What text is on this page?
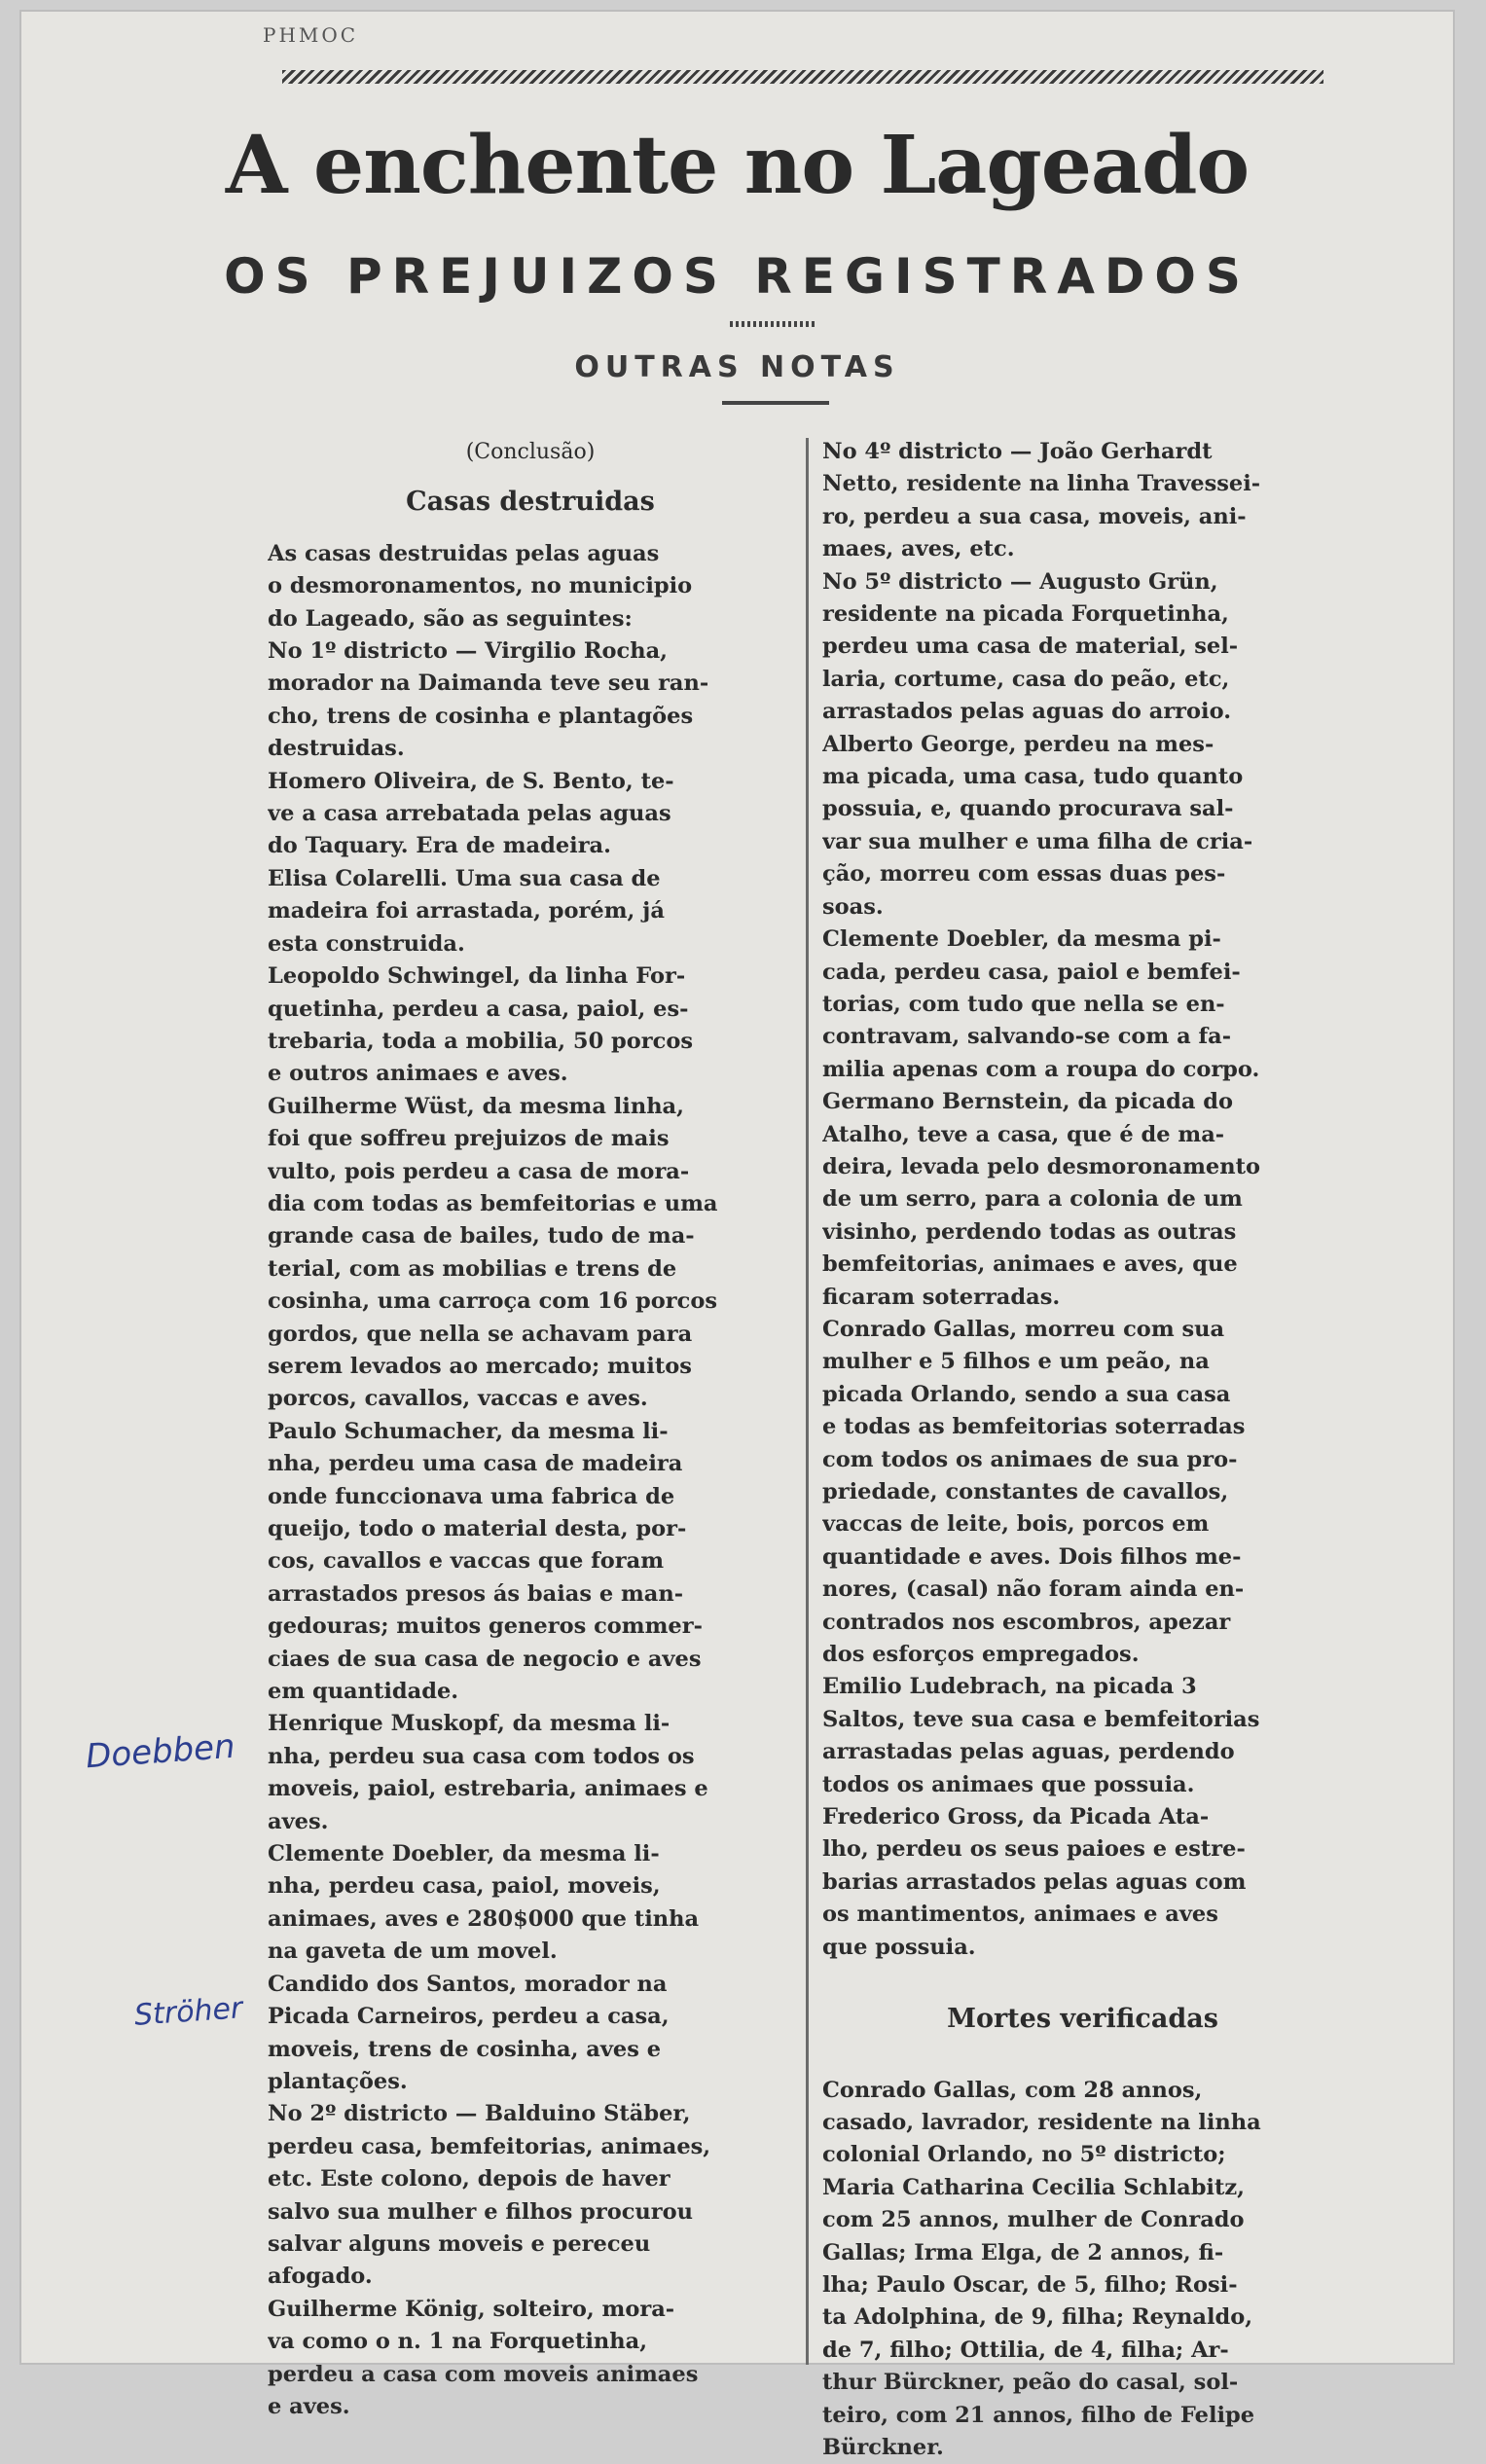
PHMOC
A enchente no Lageado
OS PREJUIZOS REGISTRADOS
OUTRAS NOTAS
(Conclusão)
Casas destruidas
As casas destruidas pelas aguas
o desmoronamentos, no municipio
do Lageado, são as seguintes:
No 1º districto — Virgilio Rocha,
morador na Daimanda teve seu ran-
cho, trens de cosinha e plantagões
destruidas.
Homero Oliveira, de S. Bento, te-
ve a casa arrebatada pelas aguas
do Taquary. Era de madeira.
Elisa Colarelli. Uma sua casa de
madeira foi arrastada, porém, já
esta construida.
Leopoldo Schwingel, da linha For-
quetinha, perdeu a casa, paiol, es-
trebaria, toda a mobilia, 50 porcos
e outros animaes e aves.
Guilherme Wüst, da mesma linha,
foi que soffreu prejuizos de mais
vulto, pois perdeu a casa de mora-
dia com todas as bemfeitorias e uma
grande casa de bailes, tudo de ma-
terial, com as mobilias e trens de
cosinha, uma carroça com 16 porcos
gordos, que nella se achavam para
serem levados ao mercado; muitos
porcos, cavallos, vaccas e aves.
Paulo Schumacher, da mesma li-
nha, perdeu uma casa de madeira
onde funccionava uma fabrica de
queijo, todo o material desta, por-
cos, cavallos e vaccas que foram
arrastados presos ás baias e man-
gedouras; muitos generos commer-
ciaes de sua casa de negocio e aves
em quantidade.
Henrique Muskopf, da mesma li-
nha, perdeu sua casa com todos os
moveis, paiol, estrebaria, animaes e
aves.
Clemente Doebler, da mesma li-
nha, perdeu casa, paiol, moveis,
animaes, aves e 280$000 que tinha
na gaveta de um movel.
Candido dos Santos, morador na
Picada Carneiros, perdeu a casa,
moveis, trens de cosinha, aves e
plantações.
No 2º districto — Balduino Stäber,
perdeu casa, bemfeitorias, animaes,
etc. Este colono, depois de haver
salvo sua mulher e filhos procurou
salvar alguns moveis e pereceu
afogado.
Guilherme König, solteiro, mora-
va como o n. 1 na Forquetinha,
perdeu a casa com moveis animaes
e aves.
No 4º districto — João Gerhardt
Netto, residente na linha Travessei-
ro, perdeu a sua casa, moveis, ani-
maes, aves, etc.
No 5º districto — Augusto Grün,
residente na picada Forquetinha,
perdeu uma casa de material, sel-
laria, cortume, casa do peão, etc,
arrastados pelas aguas do arroio.
Alberto George, perdeu na mes-
ma picada, uma casa, tudo quanto
possuia, e, quando procurava sal-
var sua mulher e uma filha de cria-
ção, morreu com essas duas pes-
soas.
Clemente Doebler, da mesma pi-
cada, perdeu casa, paiol e bemfei-
torias, com tudo que nella se en-
contravam, salvando-se com a fa-
milia apenas com a roupa do corpo.
Germano Bernstein, da picada do
Atalho, teve a casa, que é de ma-
deira, levada pelo desmoronamento
de um serro, para a colonia de um
visinho, perdendo todas as outras
bemfeitorias, animaes e aves, que
ficaram soterradas.
Conrado Gallas, morreu com sua
mulher e 5 filhos e um peão, na
picada Orlando, sendo a sua casa
e todas as bemfeitorias soterradas
com todos os animaes de sua pro-
priedade, constantes de cavallos,
vaccas de leite, bois, porcos em
quantidade e aves. Dois filhos me-
nores, (casal) não foram ainda en-
contrados nos escombros, apezar
dos esforços empregados.
Emilio Ludebrach, na picada 3
Saltos, teve sua casa e bemfeitorias
arrastadas pelas aguas, perdendo
todos os animaes que possuia.
Frederico Gross, da Picada Ata-
lho, perdeu os seus paioes e estre-
barias arrastados pelas aguas com
os mantimentos, animaes e aves
que possuia.
Mortes verificadas
Conrado Gallas, com 28 annos,
casado, lavrador, residente na linha
colonial Orlando, no 5º districto;
Maria Catharina Cecilia Schlabitz,
com 25 annos, mulher de Conrado
Gallas; Irma Elga, de 2 annos, fi-
lha; Paulo Oscar, de 5, filho; Rosi-
ta Adolphina, de 9, filha; Reynaldo,
de 7, filho; Ottilia, de 4, filha; Ar-
thur Bürckner, peão do casal, sol-
teiro, com 21 annos, filho de Felipe
Bürckner.
Doebben
Ströher
